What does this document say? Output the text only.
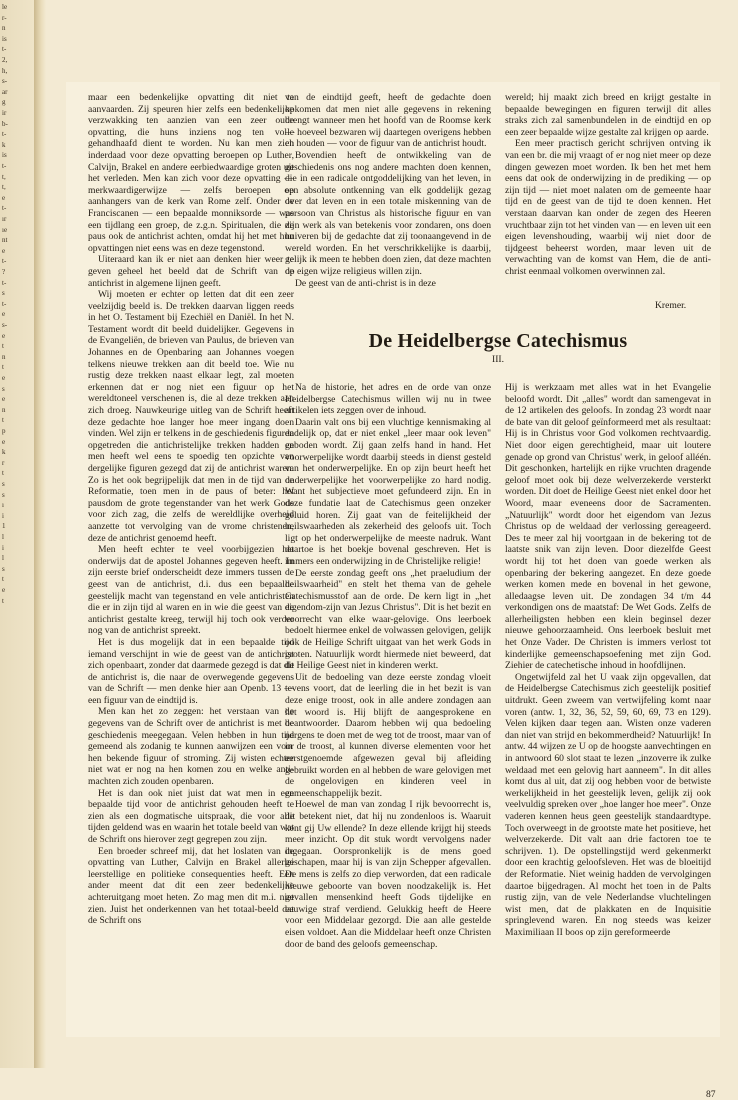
le
r-
n
is
t-
2,
h,
s-
ar
g
ir
b-
t-
k
is
t-
t,
t,
e
t-
ır
ıe
nt
e
t-
?
t-
s
t-
e
s-
e
t
n
t
e
s
e
n
t
p
e
k
r
t
s
s
ı
i
1
l
i
l
s
t
e
t

maar een bedenkelijke opvatting dit niet te aanvaarden. Zij speuren hier zelfs een bedenkelijke verzwakking ten aanzien van een zeer oude opvatting, die huns inziens nog ten volle gehandhaafd dient te worden. Nu kan men zich inderdaad voor deze opvatting beroepen op Luther, Calvijn, Brakel en andere eerbiedwaardige groten uit het verleden. Men kan zich voor deze opvatting — merkwaardigerwijze — zelfs beroepen op aanhangers van de kerk van Rome zelf. Onder de Franciscanen — een bepaalde monniksorde — was een tijdlang een groep, de z.g.n. Spiritualen, die de paus ook de antichrist achten, omdat hij het met hun opvattingen niet eens was en deze tegenstond.

Uiteraard kan ik er niet aan denken hier weer te geven geheel het beeld dat de Schrift van de antichrist in algemene lijnen geeft.

Wij moeten er echter op letten dat dit een zeer veelzijdig beeld is. De trekken daarvan liggen reeds in het O. Testament bij Ezechiël en Daniël. In het N. Testament wordt dit beeld duidelijker. Gegevens in de Evangeliën, de brieven van Paulus, de brieven van Johannes en de Openbaring aan Johannes voegen telkens nieuwe trekken aan dit beeld toe. Wie nu rustig deze trekken naast elkaar legt, zal moeten erkennen dat er nog niet een figuur op het wereldtoneel verschenen is, die al deze trekken aan zich droeg. Nauwkeurige uitleg van de Schrift heeft deze gedachte hoe langer hoe meer ingang doen vinden. Wel zijn er telkens in de geschiedenis figuren opgetreden die antichristelijke trekken hadden en men heeft wel eens te spoedig ten opzichte van dergelijke figuren gezegd dat zij de antichrist waren. Zo is het ook begrijpelijk dat men in de tijd van de Reformatie, toen men in de paus of beter: het pausdom de grote tegenstander van het werk Gods voor zich zag, die zelfs de wereldlijke overheid aanzette tot vervolging van de vrome christenen, deze de antichrist genoemd heeft.

Men heeft echter te veel voorbijgezien het onderwijs dat de apostel Johannes gegeven heeft. In zijn eerste brief onderscheidt deze immers tussen de geest van de antichrist, d.i. dus een bepaalde geestelijk macht van tegenstand en vele antichristen die er in zijn tijd al waren en in wie die geest van de antichrist gestalte kreeg, terwijl hij toch ook verder nog van de antichrist spreekt.

Het is dus mogelijk dat in een bepaalde tijd iemand verschijnt in wie de geest van de antichrist zich openbaart, zonder dat daarmede gezegd is dat dit de antichrist is, die naar de overwegende gegevens van de Schrift — men denke hier aan Openb. 13 — een figuur van de eindtijd is.

Men kan het zo zeggen: het verstaan van de gegevens van de Schrift over de antichrist is met de geschiedenis meegegaan. Velen hebben in hun tijd gemeend als zodanig te kunnen aanwijzen een voor hen bekende figuur of stroming. Zij wisten echter niet wat er nog na hen komen zou en welke anti-machten zich zouden openbaren.

Het is dan ook niet juist dat wat men in een bepaalde tijd voor de antichrist gehouden heeft te zien als een dogmatische uitspraak, die voor alle tijden geldend was en waarin het totale beeld van wat de Schrift ons hierover zegt gegrepen zou zijn.

Een broeder schreef mij, dat het loslaten van de opvatting van Luther, Calvijn en Brakel allerlei leerstellige en politieke consequenties heeft. Een ander meent dat dit een zeer bedenkelijke achteruitgang moet heten. Zo mag men dit m.i. niet zien. Juist het onderkennen van het totaal-beeld dat de Schrift ons

van de eindtijd geeft, heeft de gedachte doen opkomen dat men niet alle gegevens in rekening brengt wanneer men het hoofd van de Roomse kerk — hoeveel bezwaren wij daartegen overigens hebben en houden — voor de figuur van de antichrist houdt.

Bovendien heeft de ontwikkeling van de geschiedenis ons nog andere machten doen kennen, die in een radicale ontgoddelijking van het leven, in een absolute ontkenning van elk goddelijk gezag over dat leven en in een totale miskenning van de persoon van Christus als historische figuur en van zijn werk als van betekenis voor zondaren, ons doen huiveren bij de gedachte dat zij toonaangevend in de wereld worden. En het verschrikkelijke is daarbij, gelijk ik meen te hebben doen zien, dat deze machten op eigen wijze religieus willen zijn.

De geest van de anti-christ is in deze

wereld; hij maakt zich breed en krijgt gestalte in bepaalde bewegingen en figuren terwijl dit alles straks zich zal samenbundelen in de eindtijd en op een zeer bepaalde wijze gestalte zal krijgen op aarde.

Een meer practisch gericht schrijven ontving ik van een br. die mij vraagt of er nog niet meer op deze dingen gewezen moet worden. Ik ben het met hem eens dat ook de onderwijzing in de prediking — op zijn tijd — niet moet nalaten om de gemeente haar tijd en de geest van de tijd te doen kennen. Het verstaan daarvan kan onder de zegen des Heeren vruchtbaar zijn tot het vinden van — en leven uit een eigen levenshouding, waarbij wij niet door de tijdgeest beheerst worden, maar leven uit de verwachting van de komst van Hem, die de anti-christ eenmaal volkomen overwinnen zal.

Kremer.
De Heidelbergse Catechismus
III.

Na de historie, het adres en de orde van onze Heidelbergse Catechismus willen wij nu in twee artikelen iets zeggen over de inhoud.

Daarin valt ons bij een vluchtige kennismaking al dadelijk op, dat er niet enkel „leer maar ook leven" geboden wordt. Zij gaan zelfs hand in hand. Het voorwerpelijke wordt daarbij steeds in dienst gesteld van het onderwerpelijke. En op zijn beurt heeft het onderwerpelijke het voorwerpelijke zo hard nodig. Want het subjectieve moet gefundeerd zijn. En in deze fundatie laat de Catechismus geen onzeker geluid horen. Zij gaat van de feitelijkheid der heilswaarheden als zekerheid des geloofs uit. Toch ligt op het onderwerpelijke de meeste nadruk. Want daartoe is het boekje bovenal geschreven. Het is immers een onderwijzing in de Christelijke religie!

De eerste zondag geeft ons „het praeludium der heilswaarheid" en stelt het thema van de gehele Catechismusstof aan de orde. De kern ligt in „het eigendom-zijn van Jezus Christus". Dit is het bezit en voorrecht van elke waar-gelovige. Ons leerboek bedoelt hiermee enkel de volwassen gelovigen, gelijk ook de Heilige Schrift uitgaat van het werk Gods in groten. Natuurlijk wordt hiermede niet beweerd, dat de Heilige Geest niet in kinderen werkt.

Uit de bedoeling van deze eerste zondag vloeit tevens voort, dat de leerling die in het bezit is van deze enige troost, ook in alle andere zondagen aan het woord is. Hij blijft de aangesprokene en beantwoorder. Daarom hebben wij qua bedoeling nergens te doen met de weg tot de troost, maar van of in de troost, al kunnen diverse elementen voor het eerstgenoemde afgewezen geval bij afleiding gebruikt worden en al hebben de ware gelovigen met de ongelovigen en kinderen veel in gemeenschappelijk bezit.

Hoewel de man van zondag I rijk bevoorrecht is, dit betekent niet, dat hij nu zondenloos is. Waaruit kent gij Uw ellende? In deze ellende krijgt hij steeds meer inzicht. Op dit stuk wordt vervolgens nader ingegaan. Oorspronkelijk is de mens goed geschapen, maar hij is van zijn Schepper afgevallen. De mens is zelfs zo diep verworden, dat een radicale nieuwe geboorte van boven noodzakelijk is. Het gevallen mensenkind heeft Gods tijdelijke en eeuwige straf verdiend. Gelukkig heeft de Heere voor een Middelaar gezorgd. Die aan alle gestelde eisen voldoet. Aan die Middelaar heeft onze Christen door de band des geloofs gemeenschap.

Hij is werkzaam met alles wat in het Evangelie beloofd wordt. Dit „alles" wordt dan samengevat in de 12 artikelen des geloofs. In zondag 23 wordt naar de bate van dit geloof geïnformeerd met als resultaat: Hij is in Christus voor God volkomen rechtvaardig. Niet door eigen gerechtigheid, maar uit loutere genade op grond van Christus' werk, in geloof alléén. Dit geschonken, hartelijk en rijke vruchten dragende geloof moet ook bij deze welverzekerde versterkt worden. Dit doet de Heilige Geest niet enkel door het Woord, maar eveneens door de Sacramenten. „Natuurlijk" wordt door het eigendom van Jezus Christus op de weldaad der verlossing gereageerd. Des te meer zal hij voortgaan in de bekering tot de laatste snik van zijn leven. Door diezelfde Geest wordt hij tot het doen van goede werken als openbaring der bekering aangezet. En deze goede werken komen mede en bovenal in het gewone, alledaagse leven uit. De zondagen 34 t/m 44 verkondigen ons de maatstaf: De Wet Gods. Zelfs de allerheiligsten hebben een klein beginsel dezer nieuwe gehoorzaamheid. Ons leerboek besluit met het Onze Vader. De Christen is immers verlost tot kinderlijke gemeenschapsoefening met zijn God. Ziehier de catechetische inhoud in hoofdlijnen.

Ongetwijfeld zal het U vaak zijn opgevallen, dat de Heidelbergse Catechismus zich geestelijk positief uitdrukt. Geen zweem van vertwijfeling komt naar voren (antw. 1, 32, 36, 52, 59, 60, 69, 73 en 129). Velen kijken daar tegen aan. Wisten onze vaderen dan niet van strijd en bekommerdheid? Natuurlijk! In antw. 44 wijzen ze U op de hoogste aanvechtingen en in antwoord 60 slot staat te lezen „inzoverre ik zulke weldaad met een gelovig hart aanneem". In dit alles komt dus al uit, dat zij oog hebben voor de betwiste werkelijkheid in het geestelijk leven, gelijk zij ook veelvuldig spreken over „hoe langer hoe meer". Onze vaderen kennen heus geen geestelijk standaardtype. Toch overweegt in de grootste mate het positieve, het welverzekerde. Dit valt aan drie factoren toe te schrijven. 1). De opstellingstijd werd gekenmerkt door een krachtig geloofsleven. Het was de bloeitijd der Reformatie. Niet weinig hadden de vervolgingen daartoe bijgedragen. Al mocht het toen in de Palts rustig zijn, van de vele Nederlandse vluchtelingen wist men, dat de plakkaten en de Inquisitie springlevend waren. En nog steeds was keizer Maximiliaan II boos op zijn gereformeerde

87
